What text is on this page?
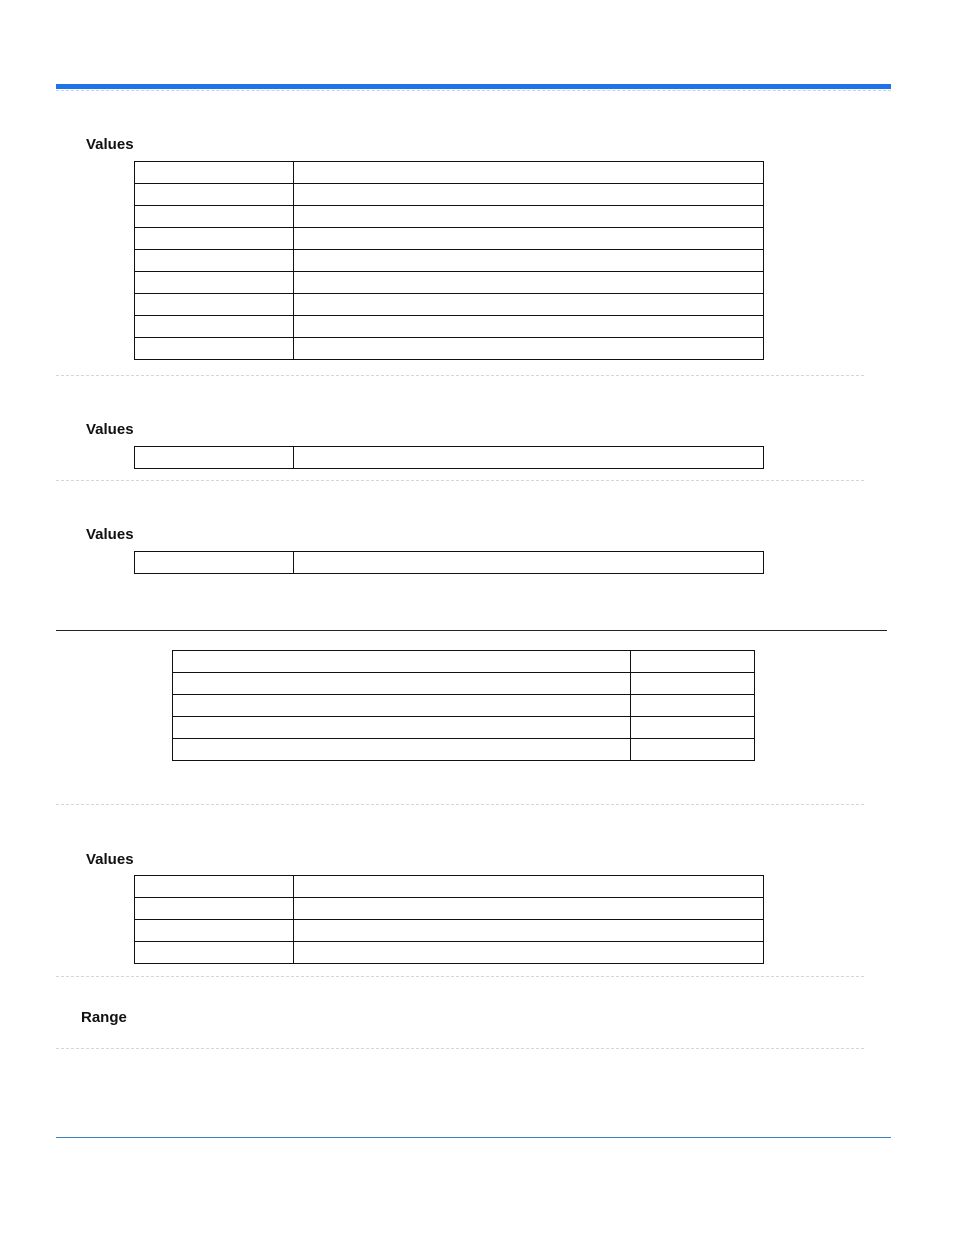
Values

Values

Values

Values

Range
